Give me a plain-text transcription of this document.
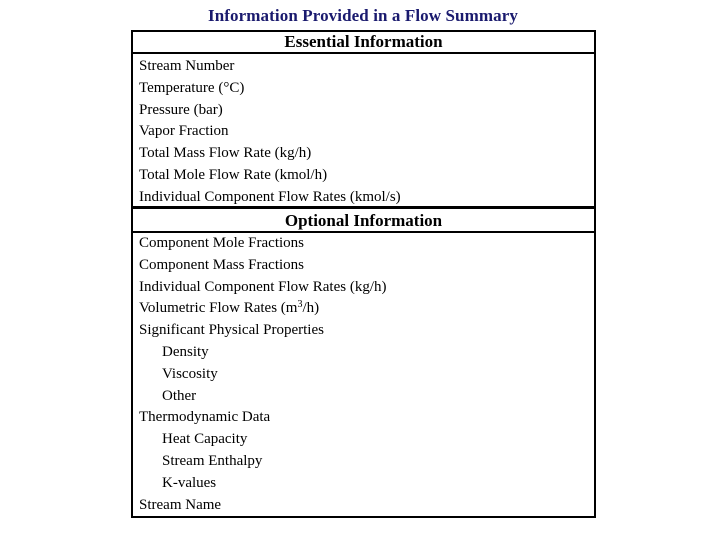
Information Provided in a Flow Summary
Essential Information
Stream Number
Temperature (°C)
Pressure (bar)
Vapor Fraction
Total Mass Flow Rate (kg/h)
Total Mole Flow Rate (kmol/h)
Individual Component Flow Rates (kmol/s)
Optional Information
Component Mole Fractions
Component Mass Fractions
Individual Component Flow Rates (kg/h)
Volumetric Flow Rates $(m^3/h)$
Significant Physical Properties
Density
Viscosity
Other
Thermodynamic Data
Heat Capacity
Stream Enthalpy
K-values
Stream Name
